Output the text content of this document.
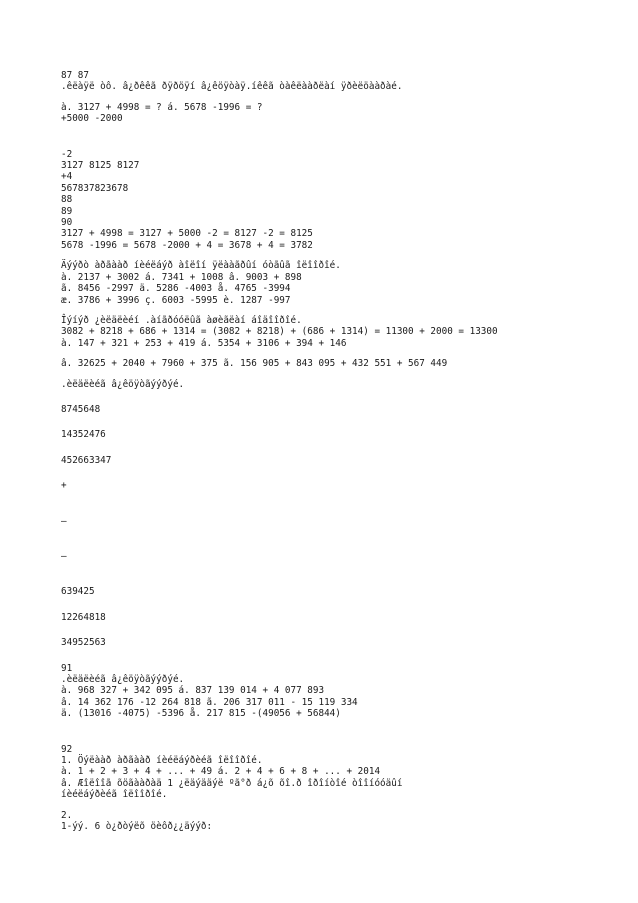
87 87
.êëàÿë òô. â¿ðêêã ðÿðöÿí â¿êöÿòàÿ.íêêã òàêëààðëàí ÿðèëöààðàé.
à. 3127 + 4998 = ? á. 5678 -1996 = ?
+5000 -2000
-2
3127 8125 8127
+4
567837823678
88
89
90
3127 + 4998 = 3127 + 5000 -2 = 8127 -2 = 8125
5678 -1996 = 5678 -2000 + 4 = 3678 + 4 = 3782
Äýýðò àðãààð íèéëáýð àîëîí ÿëààãðûí óòãûã îëîîðîé.
à. 2137 + 3002 á. 7341 + 1008 â. 9003 + 898
ã. 8456 -2997 ä. 5286 -4003 å. 4765 -3994
æ. 3786 + 3996 ç. 6003 -5995 è. 1287 -997
Îýíýð ¿èëäëèéí .àíãðóóëûã àøèãëàí áîäîîðîé.
3082 + 8218 + 686 + 1314 = (3082 + 8218) + (686 + 1314) = 11300 + 2000 = 13300
à. 147 + 321 + 253 + 419 á. 5354 + 3106 + 394 + 146
â. 32625 + 2040 + 7960 + 375 ã. 156 905 + 843 095 + 432 551 + 567 449
.èëäëèéã â¿êöÿòãýýðýé.
8745648
14352476
452663347
+
–
–
639425
12264818
34952563
91
.èëäëèéã â¿êöÿòãýýðýé.
à. 968 327 + 342 095 á. 837 139 014 + 4 077 893
â. 14 362 176 -12 264 818 ã. 206 317 011 - 15 119 334
ä. (13016 -4075) -5396 å. 217 815 -(49056 + 56844)
92
1. Öýëààð àðãààð íèéëáýðèéã îëîîðîé.
à. 1 + 2 + 3 + 4 + ... + 49 á. 2 + 4 + 6 + 8 + ... + 2014
â. Æîëîîã õöãààðàä 1 ¿ëäýääýë ºã°ð á¿õ õî.ð îðîíòîé òîîíóóäûí
íèéëáýðèéã îëîîðîé.
2.
1-ýý. 6 ò¿ðòýëõ öèôð¿¿äýýð:
